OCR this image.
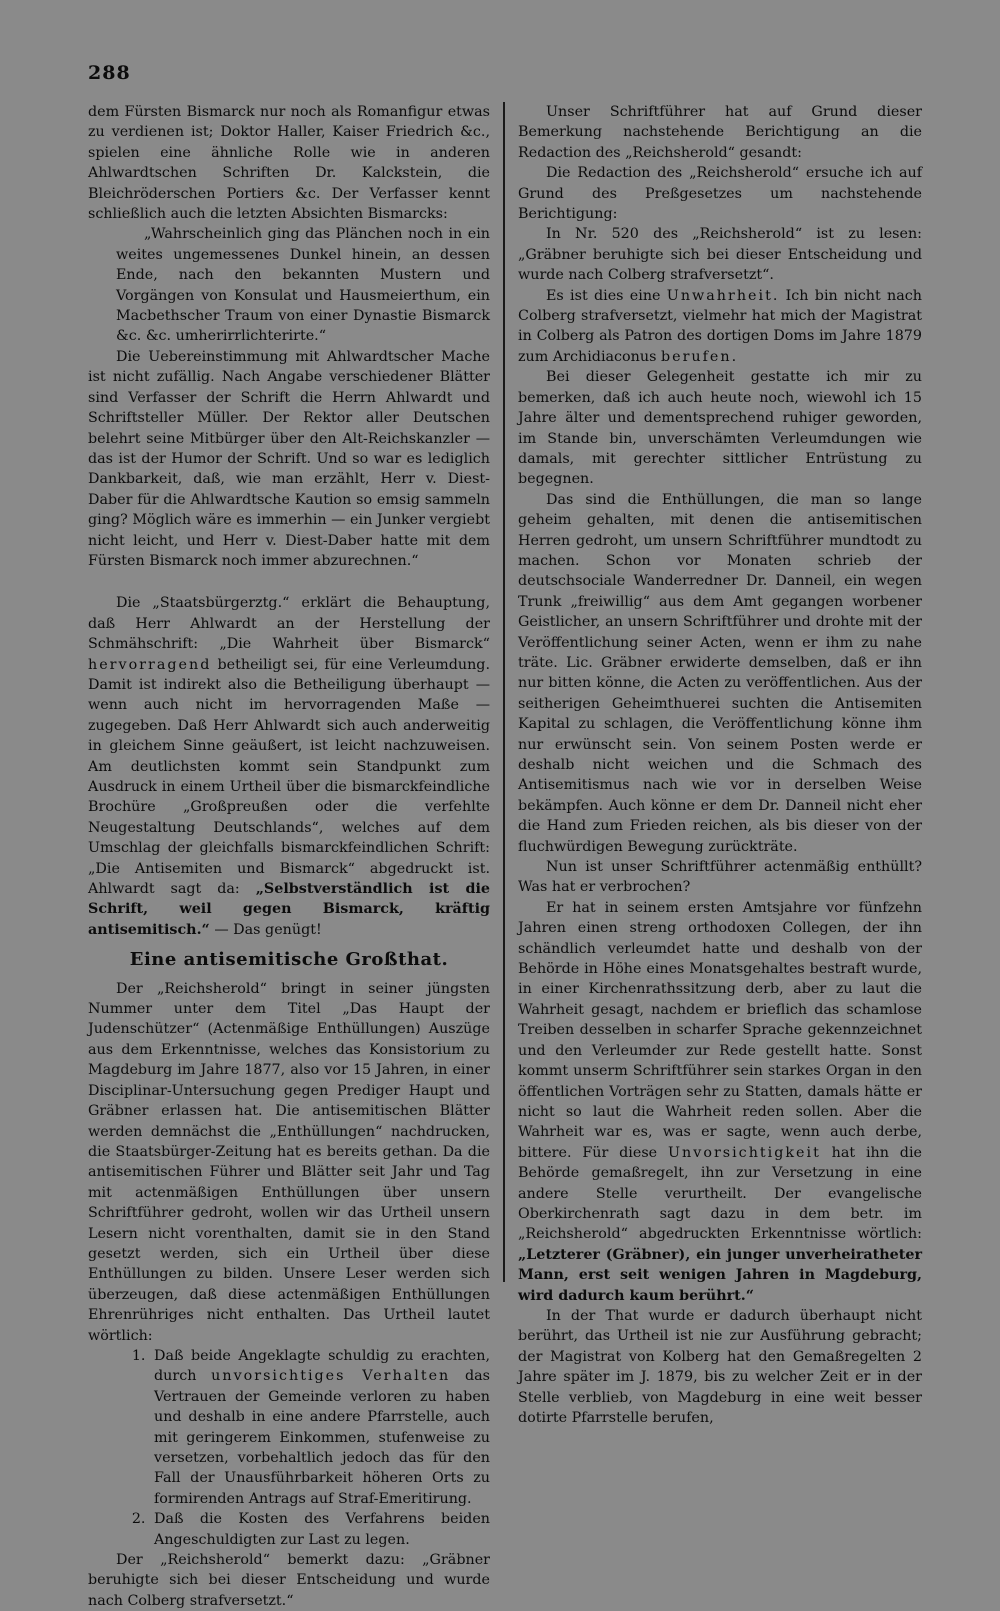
288

dem Fürsten Bismarck nur noch als Romanfigur etwas zu verdienen ist; Doktor Haller, Kaiser Friedrich &c., spielen eine ähnliche Rolle wie in anderen Ahlwardtschen Schriften Dr. Kalckstein, die Bleichröderschen Portiers &c. Der Verfasser kennt schließlich auch die letzten Absichten Bismarcks:

„Wahrscheinlich ging das Plänchen noch in ein weites ungemessenes Dunkel hinein, an dessen Ende, nach den bekannten Mustern und Vorgängen von Konsulat und Hausmeierthum, ein Macbethscher Traum von einer Dynastie Bismarck &c. &c. umherirrlichterirte.“

Die Uebereinstimmung mit Ahlwardtscher Mache ist nicht zufällig. Nach Angabe verschiedener Blätter sind Verfasser der Schrift die Herrn Ahlwardt und Schriftsteller Müller. Der Rektor aller Deutschen belehrt seine Mitbürger über den Alt-Reichskanzler — das ist der Humor der Schrift. Und so war es lediglich Dankbarkeit, daß, wie man erzählt, Herr v. Diest-Daber für die Ahlwardtsche Kaution so emsig sammeln ging? Möglich wäre es immerhin — ein Junker vergiebt nicht leicht, und Herr v. Diest-Daber hatte mit dem Fürsten Bismarck noch immer abzurechnen.“

Die „Staatsbürgerztg.“ erklärt die Behauptung, daß Herr Ahlwardt an der Herstellung der Schmähschrift: „Die Wahrheit über Bismarck“ hervorragend betheiligt sei, für eine Verleumdung. Damit ist indirekt also die Betheiligung überhaupt — wenn auch nicht im hervorragenden Maße — zugegeben. Daß Herr Ahlwardt sich auch anderweitig in gleichem Sinne geäußert, ist leicht nachzuweisen. Am deutlichsten kommt sein Standpunkt zum Ausdruck in einem Urtheil über die bismarckfeindliche Brochüre „Großpreußen oder die verfehlte Neugestaltung Deutschlands“, welches auf dem Umschlag der gleichfalls bismarckfeindlichen Schrift: „Die Antisemiten und Bismarck“ abgedruckt ist. Ahlwardt sagt da: „Selbstverständlich ist die Schrift, weil gegen Bismarck, kräftig antisemitisch.“ — Das genügt!

Eine antisemitische Großthat.

Der „Reichsherold“ bringt in seiner jüngsten Nummer unter dem Titel „Das Haupt der Judenschützer“ (Actenmäßige Enthüllungen) Auszüge aus dem Erkenntnisse, welches das Konsistorium zu Magdeburg im Jahre 1877, also vor 15 Jahren, in einer Disciplinar-Untersuchung gegen Prediger Haupt und Gräbner erlassen hat. Die antisemitischen Blätter werden demnächst die „Enthüllungen“ nachdrucken, die Staatsbürger-Zeitung hat es bereits gethan. Da die antisemitischen Führer und Blätter seit Jahr und Tag mit actenmäßigen Enthüllungen über unsern Schriftführer gedroht, wollen wir das Urtheil unsern Lesern nicht vorenthalten, damit sie in den Stand gesetzt werden, sich ein Urtheil über diese Enthüllungen zu bilden. Unsere Leser werden sich überzeugen, daß diese actenmäßigen Enthüllungen Ehrenrühriges nicht enthalten. Das Urtheil lautet wörtlich:

1. Daß beide Angeklagte schuldig zu erachten, durch unvorsichtiges Verhalten das Vertrauen der Gemeinde verloren zu haben und deshalb in eine andere Pfarrstelle, auch mit geringerem Einkommen, stufenweise zu versetzen, vorbehaltlich jedoch das für den Fall der Unausführbarkeit höheren Orts zu formirenden Antrags auf Straf-Emeritirung.
2. Daß die Kosten des Verfahrens beiden Angeschuldigten zur Last zu legen.

Der „Reichsherold“ bemerkt dazu: „Gräbner beruhigte sich bei dieser Entscheidung und wurde nach Colberg strafversetzt.“

Unser Schriftführer hat auf Grund dieser Bemerkung nachstehende Berichtigung an die Redaction des „Reichsherold“ gesandt:

Die Redaction des „Reichsherold“ ersuche ich auf Grund des Preßgesetzes um nachstehende Berichtigung:

In Nr. 520 des „Reichsherold“ ist zu lesen: „Gräbner beruhigte sich bei dieser Entscheidung und wurde nach Colberg strafversetzt“.

Es ist dies eine Unwahrheit. Ich bin nicht nach Colberg strafversetzt, vielmehr hat mich der Magistrat in Colberg als Patron des dortigen Doms im Jahre 1879 zum Archidiaconus berufen.

Bei dieser Gelegenheit gestatte ich mir zu bemerken, daß ich auch heute noch, wiewohl ich 15 Jahre älter und dementsprechend ruhiger geworden, im Stande bin, unverschämten Verleumdungen wie damals, mit gerechter sittlicher Entrüstung zu begegnen.

Das sind die Enthüllungen, die man so lange geheim gehalten, mit denen die antisemitischen Herren gedroht, um unsern Schriftführer mundtodt zu machen. Schon vor Monaten schrieb der deutschsociale Wanderredner Dr. Danneil, ein wegen Trunk „freiwillig“ aus dem Amt gegangen worbener Geistlicher, an unsern Schriftführer und drohte mit der Veröffentlichung seiner Acten, wenn er ihm zu nahe träte. Lic. Gräbner erwiderte demselben, daß er ihn nur bitten könne, die Acten zu veröffentlichen. Aus der seitherigen Geheimthuerei suchten die Antisemiten Kapital zu schlagen, die Veröffentlichung könne ihm nur erwünscht sein. Von seinem Posten werde er deshalb nicht weichen und die Schmach des Antisemitismus nach wie vor in derselben Weise bekämpfen. Auch könne er dem Dr. Danneil nicht eher die Hand zum Frieden reichen, als bis dieser von der fluchwürdigen Bewegung zurückträte.

Nun ist unser Schriftführer actenmäßig enthüllt? Was hat er verbrochen?

Er hat in seinem ersten Amtsjahre vor fünfzehn Jahren einen streng orthodoxen Collegen, der ihn schändlich verleumdet hatte und deshalb von der Behörde in Höhe eines Monatsgehaltes bestraft wurde, in einer Kirchenrathssitzung derb, aber zu laut die Wahrheit gesagt, nachdem er brieflich das schamlose Treiben desselben in scharfer Sprache gekennzeichnet und den Verleumder zur Rede gestellt hatte. Sonst kommt unserm Schriftführer sein starkes Organ in den öffentlichen Vorträgen sehr zu Statten, damals hätte er nicht so laut die Wahrheit reden sollen. Aber die Wahrheit war es, was er sagte, wenn auch derbe, bittere. Für diese Unvorsichtigkeit hat ihn die Behörde gemaßregelt, ihn zur Versetzung in eine andere Stelle verurtheilt. Der evangelische Oberkirchenrath sagt dazu in dem betr. im „Reichsherold“ abgedruckten Erkenntnisse wörtlich: „Letzterer (Gräbner), ein junger unverheiratheter Mann, erst seit wenigen Jahren in Magdeburg, wird dadurch kaum berührt.“

In der That wurde er dadurch überhaupt nicht berührt, das Urtheil ist nie zur Ausführung gebracht; der Magistrat von Kolberg hat den Gemaßregelten 2 Jahre später im J. 1879, bis zu welcher Zeit er in der Stelle verblieb, von Magdeburg in eine weit besser dotirte Pfarrstelle berufen,
